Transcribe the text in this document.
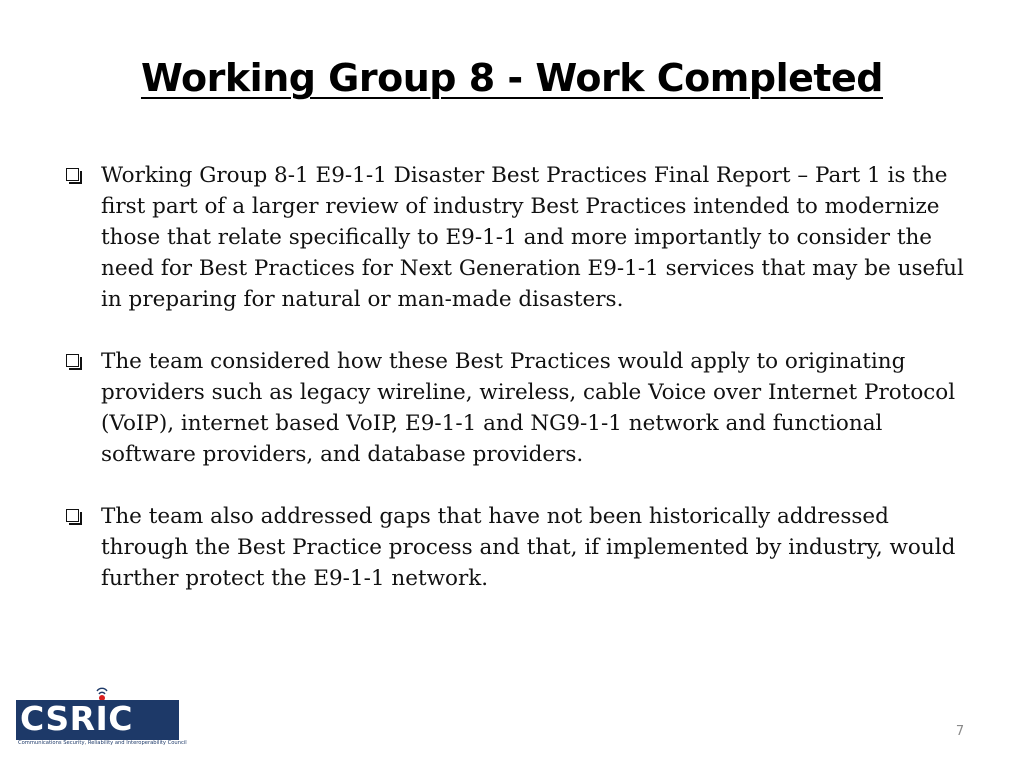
Working Group 8 - Work Completed
Working Group 8-1 E9-1-1 Disaster Best Practices Final Report – Part 1 is the first part of a larger review of industry Best Practices intended to modernize those that relate specifically to E9-1-1 and more importantly to consider the need for Best Practices for Next Generation E9-1-1 services that may be useful in preparing for natural or man-made disasters.
The team considered how these Best Practices would apply to originating providers such as legacy wireline, wireless, cable Voice over Internet Protocol (VoIP), internet based VoIP, E9-1-1 and NG9-1-1 network and functional software providers, and database providers.
The team also addressed gaps that have not been historically addressed through the Best Practice process and that, if implemented by industry, would further protect the E9-1-1 network.
CSRIC III
Communications Security, Reliability and Interoperability Council
7
